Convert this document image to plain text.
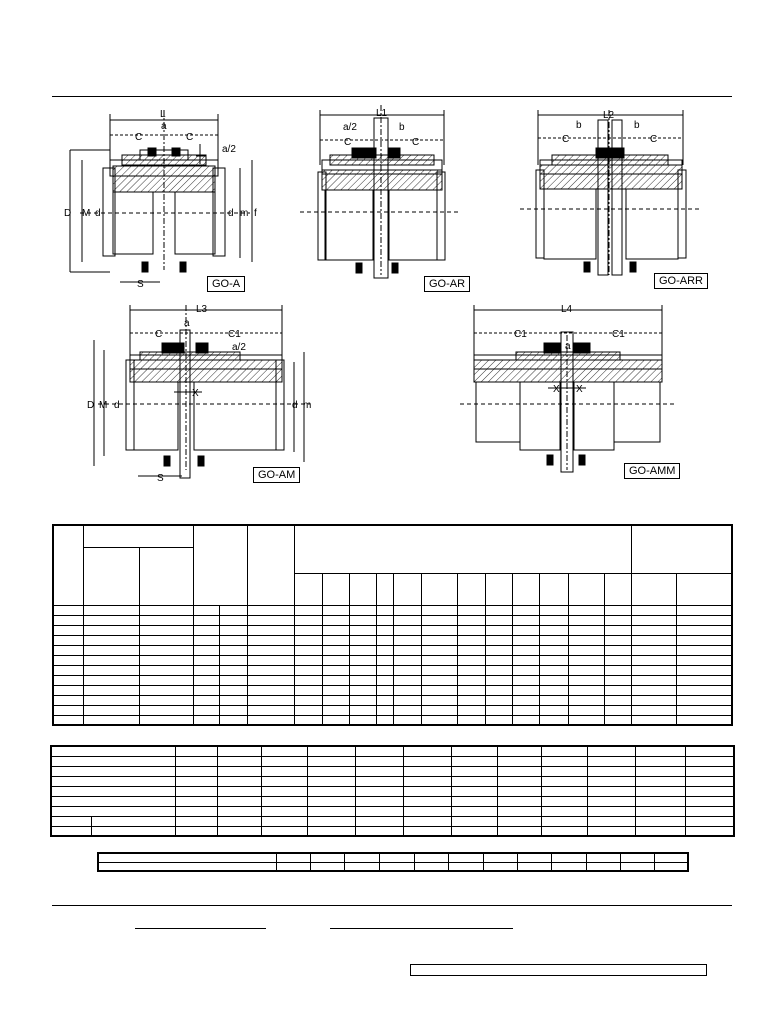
L
C	C
a
a/2
D M d	d m f
S
L1
a/2	b
C	C
L2
b	b
C	C
L3
C	C1
a
a/2
X
D M d	d m
S
L4
C1	C1
a
X X
GO-A	GO-AR	GO-ARR
GO-AM	GO-AMM
